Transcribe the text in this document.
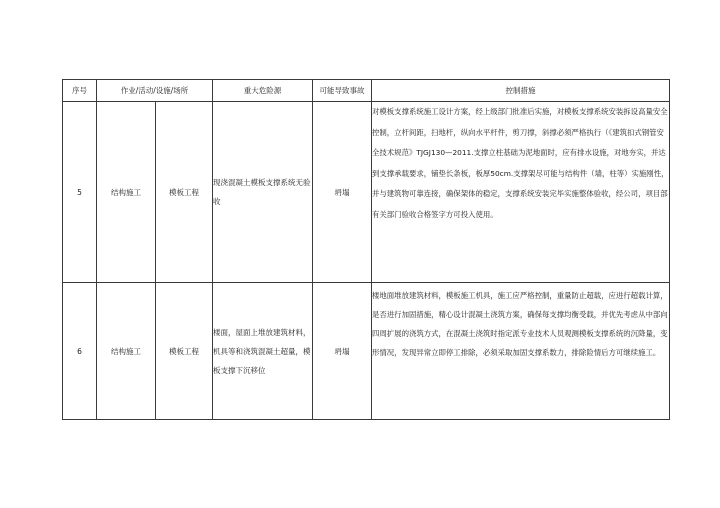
序号	作业/活动/设施/场所		重大危险源	可能导致事故	控制措施
5	结构施工	模板工程	现浇混凝土模板支撑系统无验收	坍塌	对模板支撑系统施工设计方案，经上级部门批准后实施，对模板支撑系统安装拆设高量安全控制，立杆间距，扫地杆，纵向水平杆件，剪刀撑，斜撑必须严格执行（《建筑扣式钢管安全技术规范》TJGJ130—2011.支撑立柱基础为泥地面时，应有排水设施，对地夯实，并达到支撑承载要求，铺垫长条板，板厚50cm.支撑架尽可能与结构件（墙，柱等）实施刚性，并与建筑物可靠连接，确保架体的稳定，支撑系统安装完毕实施整体验收，经公司，项目部有关部门验收合格签字方可投入使用。
6	结构施工	模板工程	楼面，屋面上堆放建筑材料，机具等和浇筑混凝土超量，模板支撑下沉移位	坍塌	楼地面堆放建筑材料，模板施工机具，施工应严格控制，重量防止超载，应进行超载计算，是否进行加固措施，精心设计混凝土浇筑方案，确保每支撑均衡受载，并优先考虑从中部向四周扩展的浇筑方式，在混凝土浇筑时指定派专业技术人员观测模板支撑系统的沉降量，变形情况，发现异常立即停工排除，必须采取加固支撑系数力，排除险情后方可继续施工。
